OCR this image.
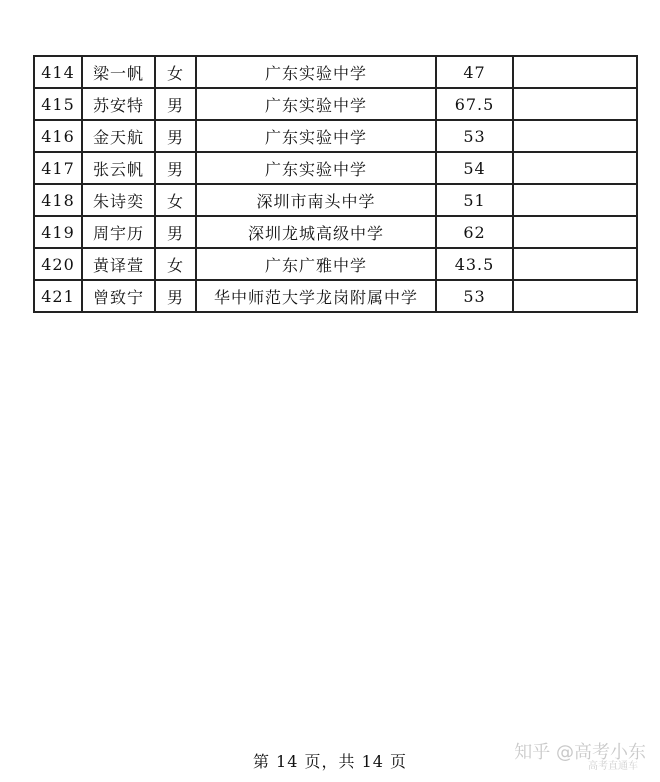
414	梁一帆	女	广东实验中学	47	
415	苏安特	男	广东实验中学	67.5	
416	金天航	男	广东实验中学	53	
417	张云帆	男	广东实验中学	54	
418	朱诗奕	女	深圳市南头中学	51	
419	周宇历	男	深圳龙城高级中学	62	
420	黄译萱	女	广东广雅中学	43.5	
421	曾致宁	男	华中师范大学龙岗附属中学	53	
第 14 页，共 14 页	知乎 @高考小东
高考直通车
